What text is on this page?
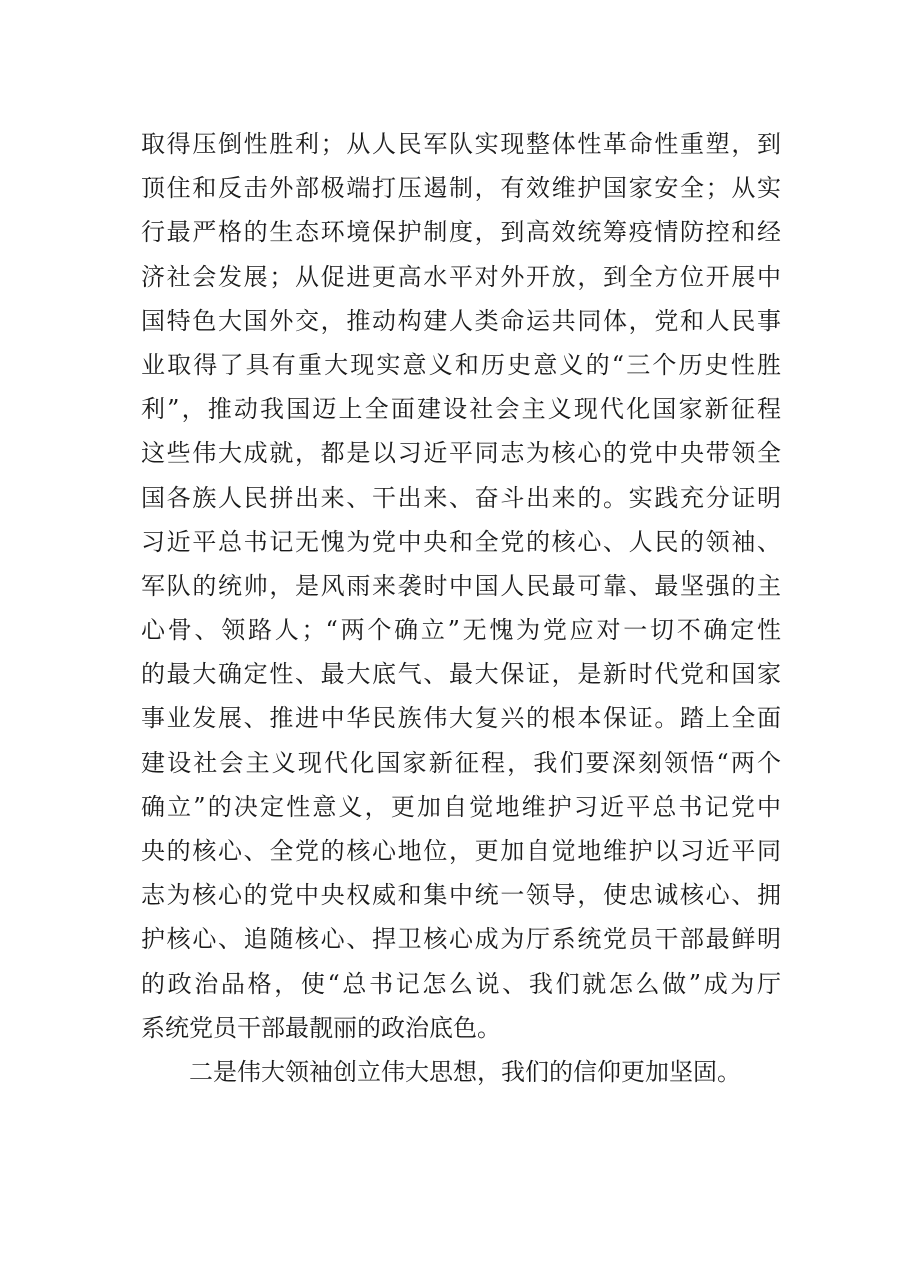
取得压倒性胜利；从人民军队实现整体性革命性重塑，到
顶住和反击外部极端打压遏制，有效维护国家安全；从实
行最严格的生态环境保护制度，到高效统筹疫情防控和经
济社会发展；从促进更高水平对外开放，到全方位开展中
国特色大国外交，推动构建人类命运共同体，党和人民事
业取得了具有重大现实意义和历史意义的“三个历史性胜
利”，推动我国迈上全面建设社会主义现代化国家新征程
这些伟大成就，都是以习近平同志为核心的党中央带领全
国各族人民拼出来、干出来、奋斗出来的。实践充分证明
习近平总书记无愧为党中央和全党的核心、人民的领袖、
军队的统帅，是风雨来袭时中国人民最可靠、最坚强的主
心骨、领路人；“两个确立”无愧为党应对一切不确定性
的最大确定性、最大底气、最大保证，是新时代党和国家
事业发展、推进中华民族伟大复兴的根本保证。踏上全面
建设社会主义现代化国家新征程，我们要深刻领悟“两个
确立”的决定性意义，更加自觉地维护习近平总书记党中
央的核心、全党的核心地位，更加自觉地维护以习近平同
志为核心的党中央权威和集中统一领导，使忠诚核心、拥
护核心、追随核心、捍卫核心成为厅系统党员干部最鲜明
的政治品格，使“总书记怎么说、我们就怎么做”成为厅
系统党员干部最靓丽的政治底色。
二是伟大领袖创立伟大思想，我们的信仰更加坚固。
